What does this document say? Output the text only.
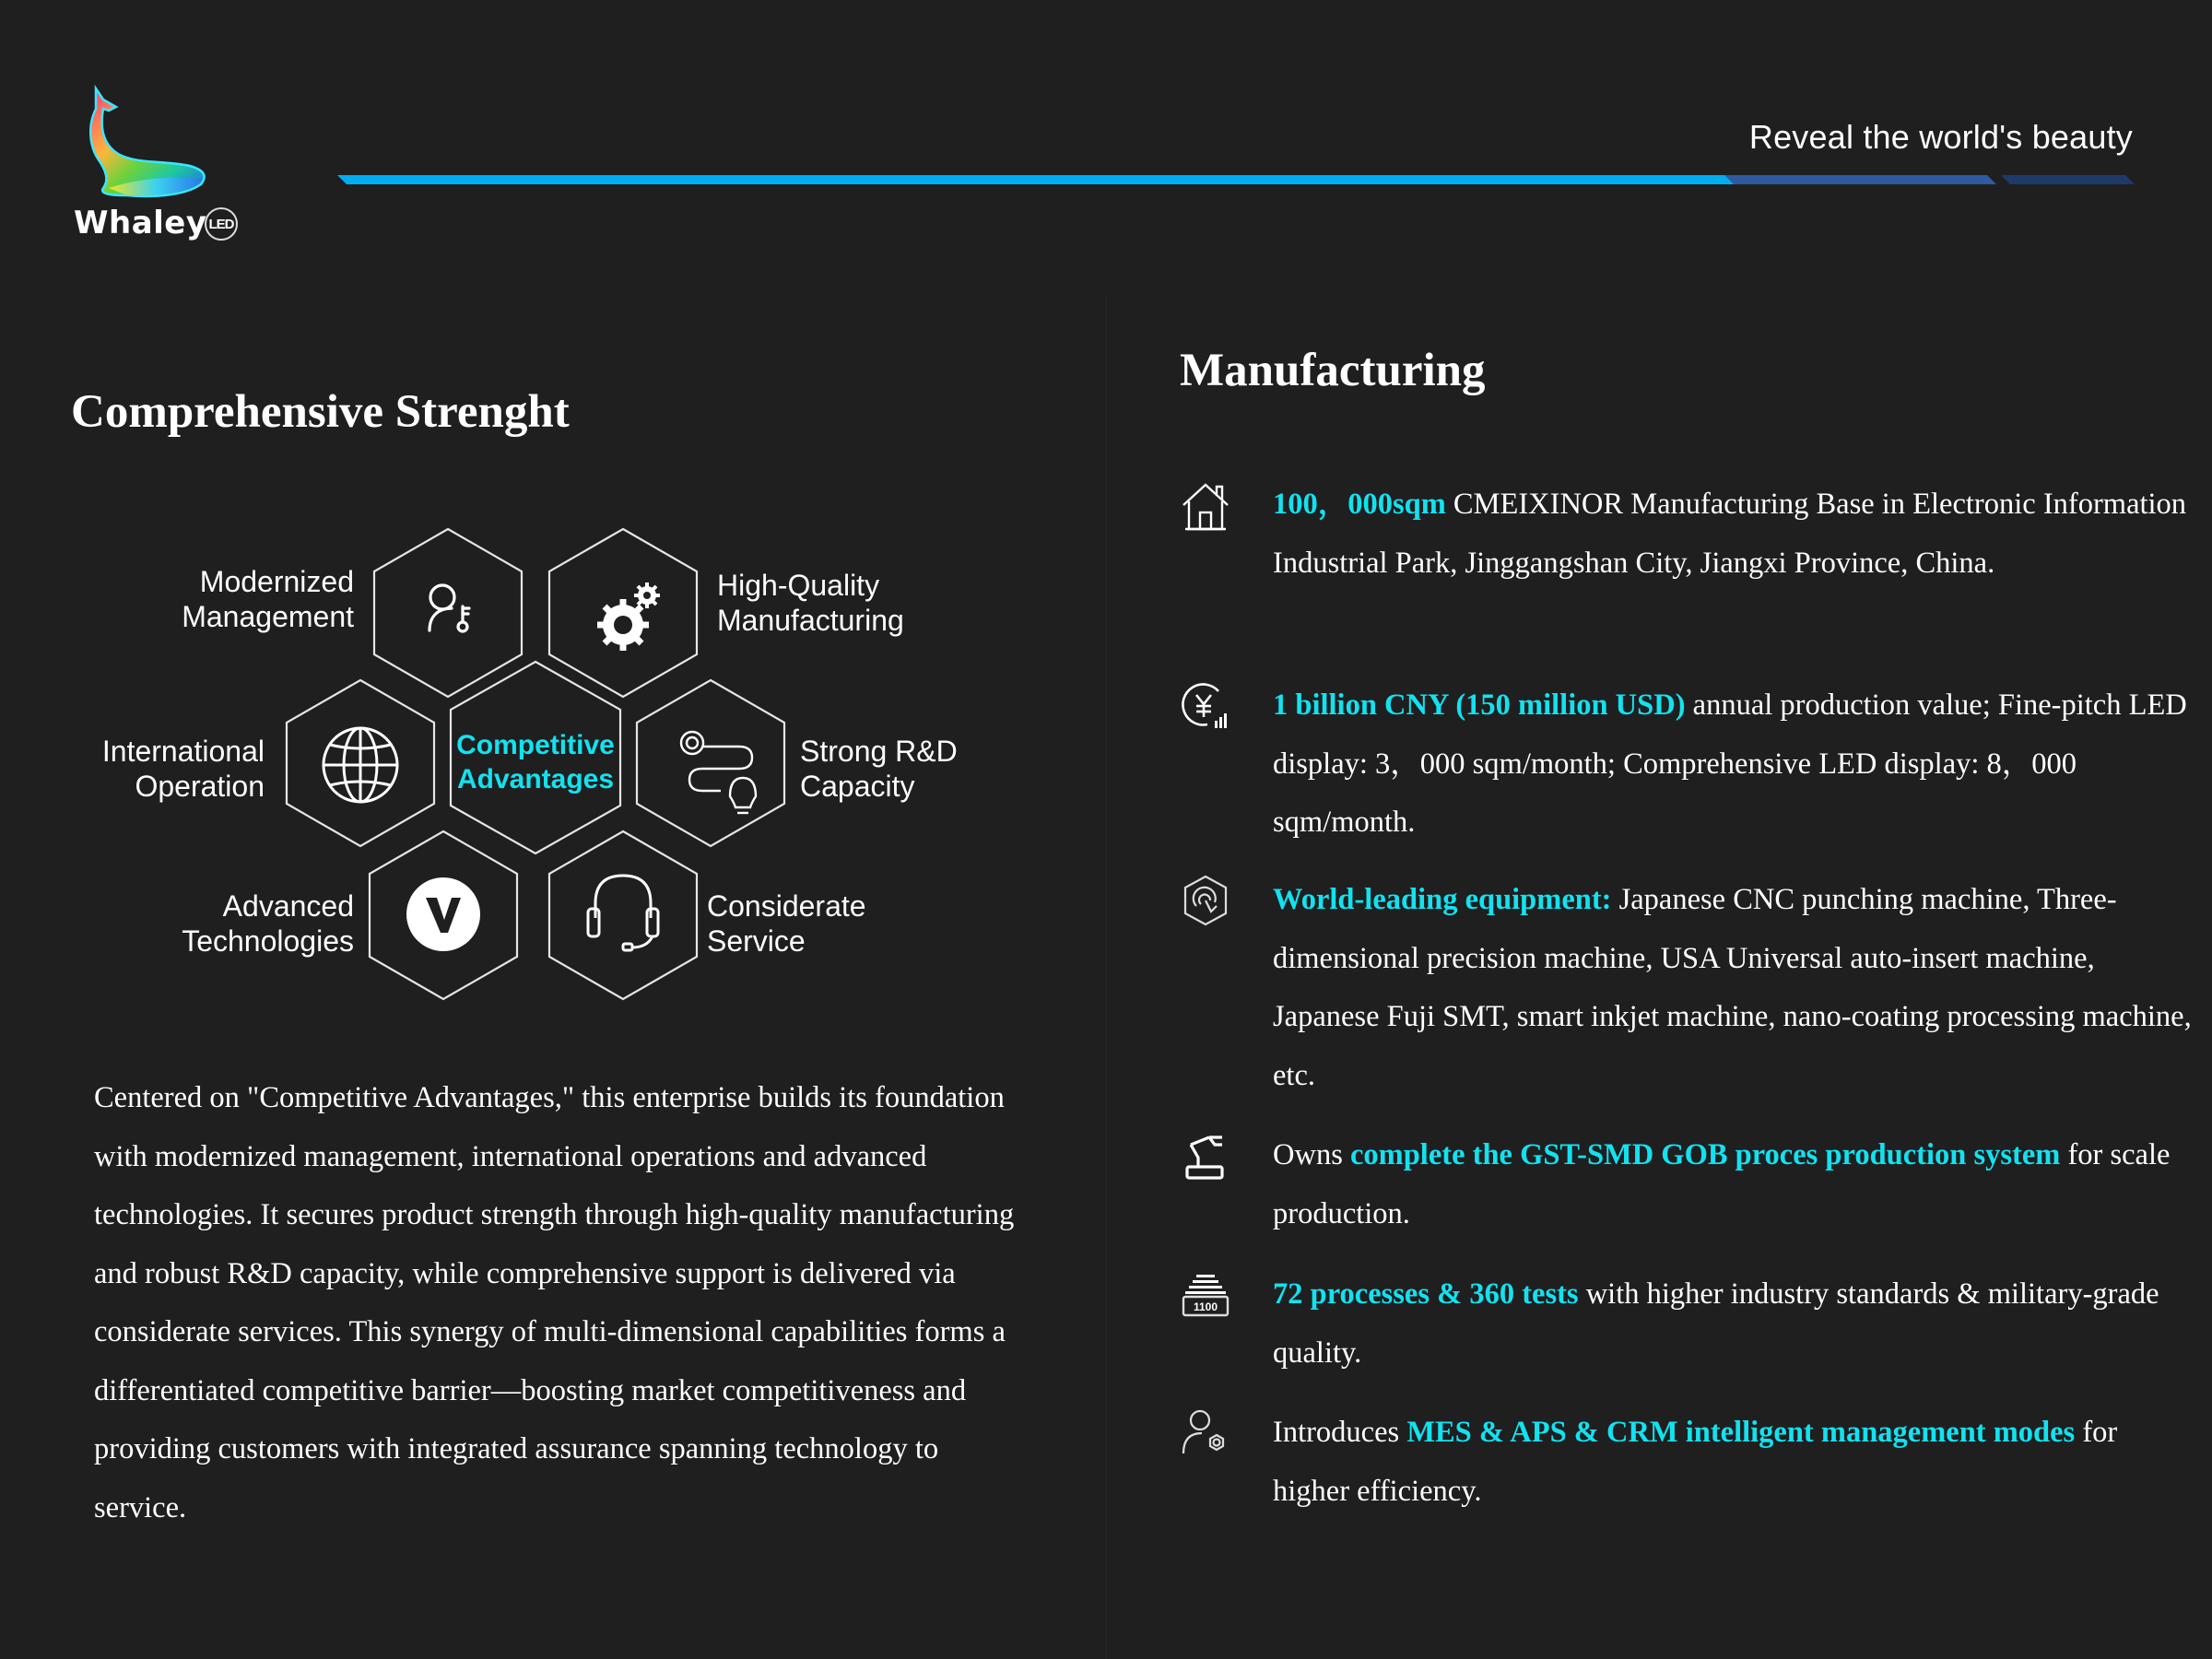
Whaley LED
Reveal the world's beauty
Comprehensive Strenght
Modernized
Management
High-Quality
Manufacturing
International
Operation
Strong R&D
Capacity
Advanced
Technologies
Considerate
Service
Competitive
Advantages
Centered on "Competitive Advantages," this enterprise builds its foundation with modernized management, international operations and advanced technologies. It secures product strength through high-quality manufacturing and robust R&D capacity, while comprehensive support is delivered via considerate services. This synergy of multi-dimensional capabilities forms a differentiated competitive barrier—boosting market competitiveness and providing customers with integrated assurance spanning technology to service.
Manufacturing
100，000sqm CMEIXINOR Manufacturing Base in Electronic Information Industrial Park, Jinggangshan City, Jiangxi Province, China.
1 billion CNY (150 million USD) annual production value; Fine-pitch LED display: 3，000 sqm/month; Comprehensive LED display: 8，000 sqm/month.
World-leading equipment: Japanese CNC punching machine, Three-dimensional precision machine, USA Universal auto-insert machine, Japanese Fuji SMT, smart inkjet machine, nano-coating processing machine, etc.
Owns complete the GST-SMD GOB proces production system for scale production.
1100 72 processes & 360 tests with higher industry standards & military-grade quality.
Introduces MES & APS & CRM intelligent management modes for higher efficiency.
